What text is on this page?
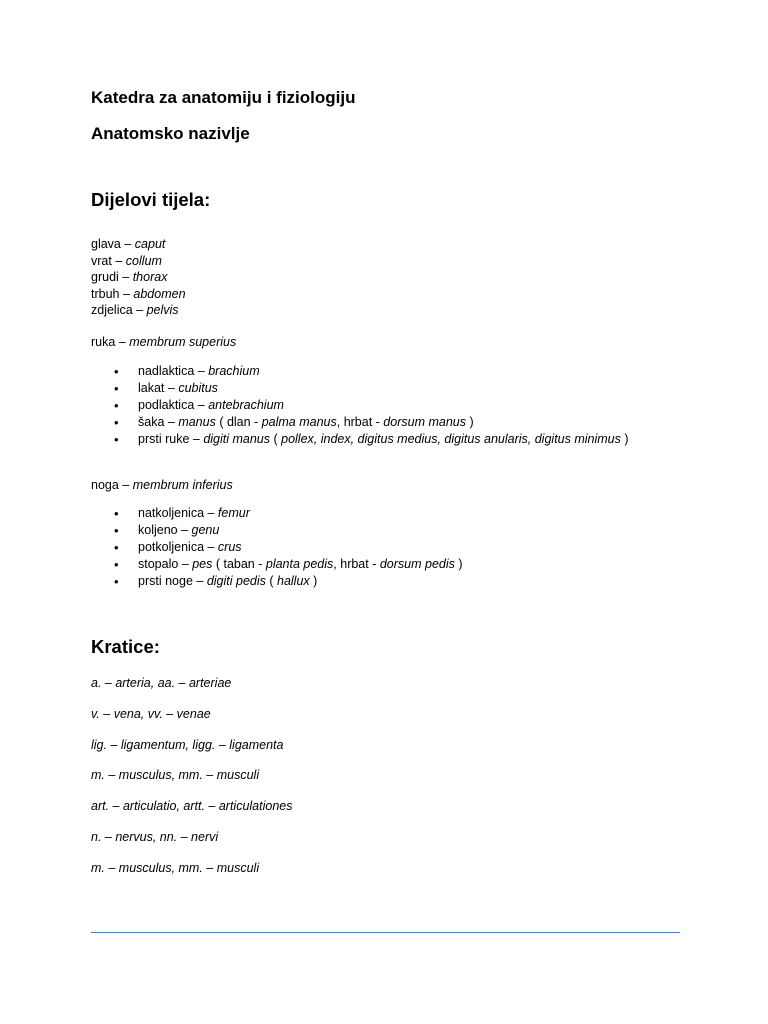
Katedra za anatomiju i fiziologiju
Anatomsko nazivlje
Dijelovi tijela:
glava – caput
vrat – collum
grudi – thorax
trbuh – abdomen
zdjelica – pelvis
ruka – membrum superius
• nadlaktica – brachium
• lakat – cubitus
• podlaktica – antebrachium
• šaka – manus ( dlan - palma manus, hrbat - dorsum manus )
• prsti ruke – digiti manus ( pollex, index, digitus medius, digitus anularis, digitus minimus )
noga – membrum inferius
• natkoljenica – femur
• koljeno – genu
• potkoljenica – crus
• stopalo – pes ( taban - planta pedis, hrbat - dorsum pedis )
• prsti noge – digiti pedis ( hallux )
Kratice:

a. – arteria, aa. – arteriae

v. – vena, vv. – venae

lig. – ligamentum, ligg. – ligamenta

m. – musculus, mm. – musculi

art. – articulatio, artt. – articulationes

n. – nervus, nn. – nervi

m. – musculus, mm. – musculi
